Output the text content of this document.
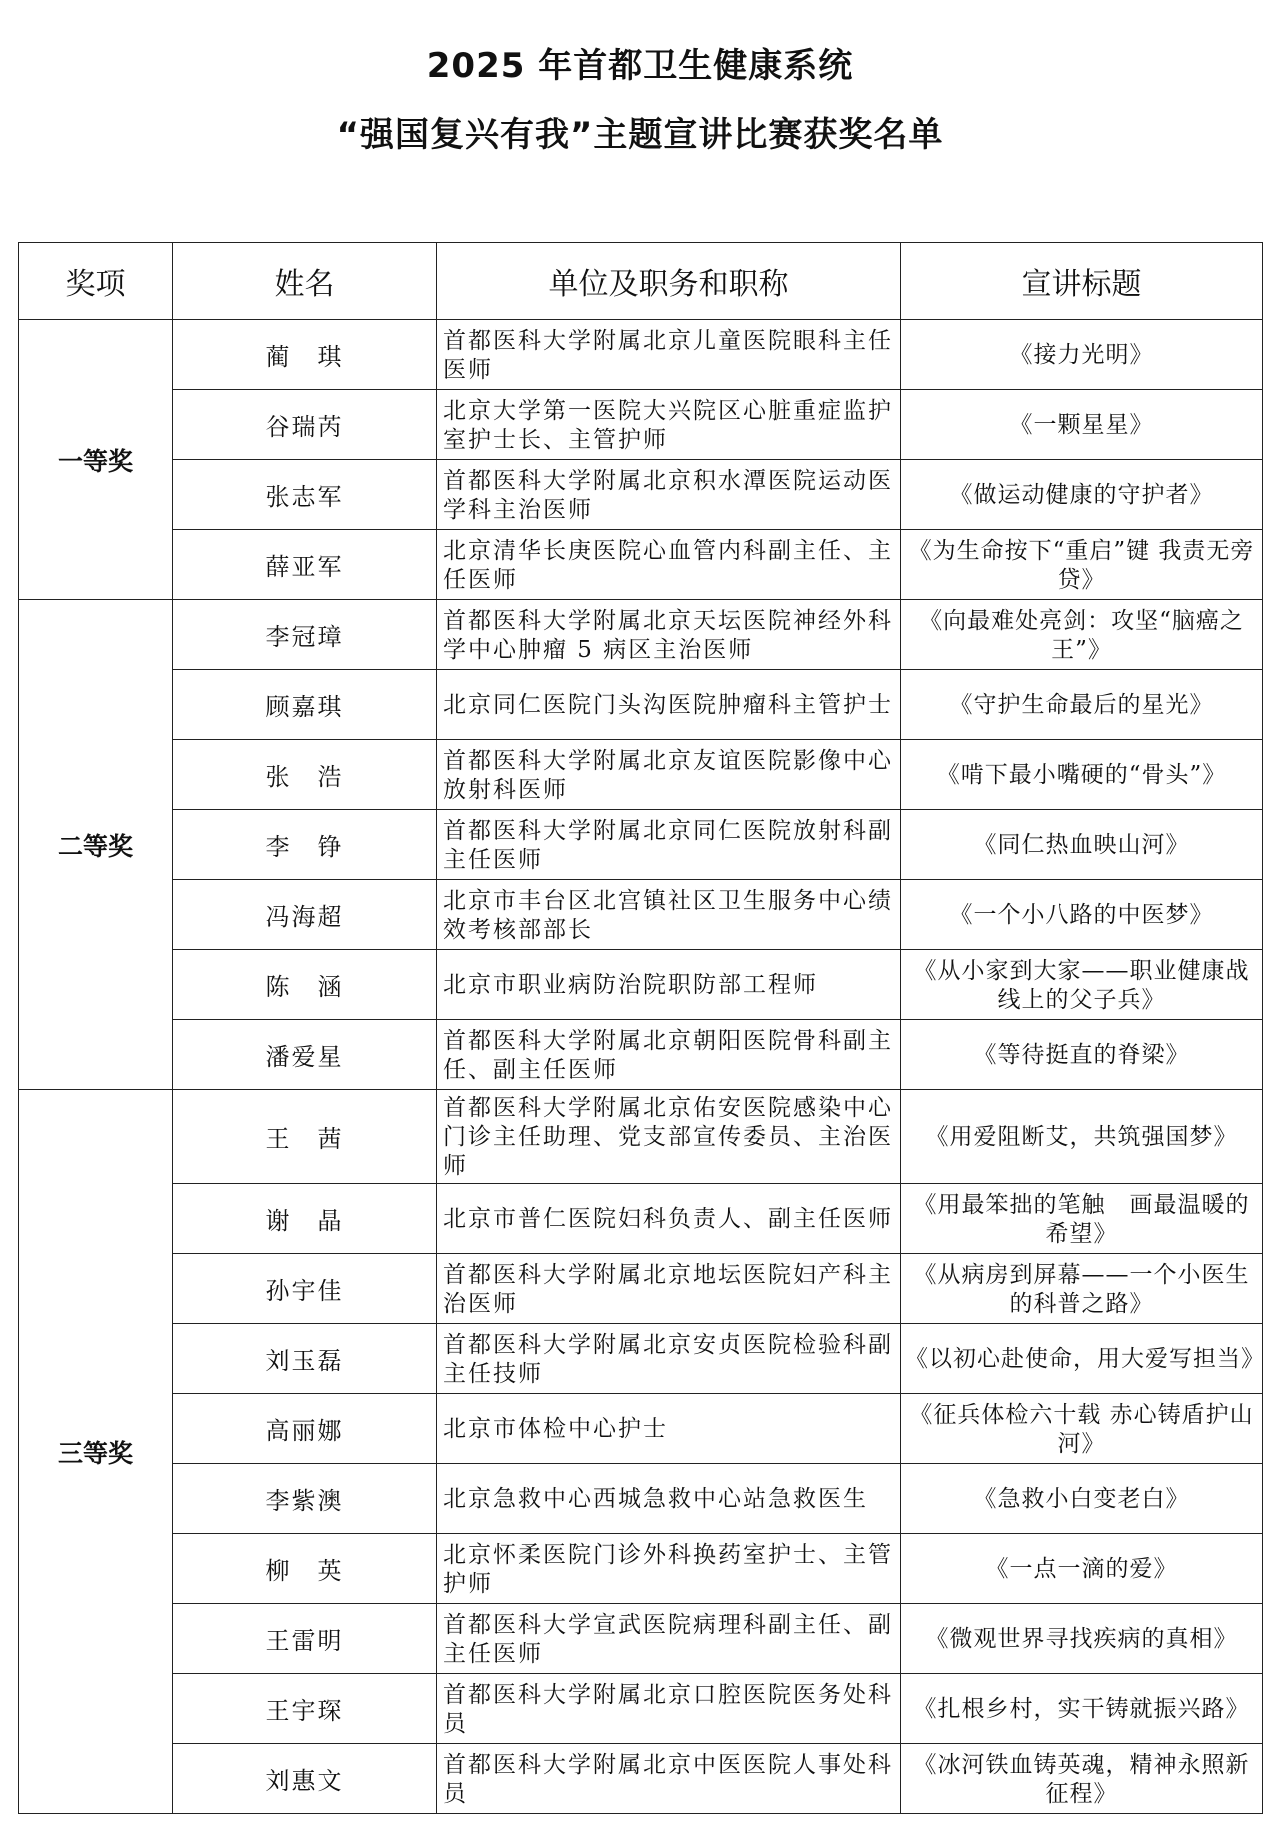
2025 年首都卫生健康系统
“强国复兴有我”主题宣讲比赛获奖名单
奖项	姓名	单位及职务和职称	宣讲标题
一等奖	蔺　琪	首都医科大学附属北京儿童医院眼科主任医师	《接力光明》
	谷瑞芮	北京大学第一医院大兴院区心脏重症监护室护士长、主管护师	《一颗星星》
	张志军	首都医科大学附属北京积水潭医院运动医学科主治医师	《做运动健康的守护者》
	薛亚军	北京清华长庚医院心血管内科副主任、主任医师	《为生命按下“重启”键 我责无旁贷》
二等奖	李冠璋	首都医科大学附属北京天坛医院神经外科学中心肿瘤 5 病区主治医师	《向最难处亮剑：攻坚“脑癌之王”》
	顾嘉琪	北京同仁医院门头沟医院肿瘤科主管护士	《守护生命最后的星光》
	张　浩	首都医科大学附属北京友谊医院影像中心放射科医师	《啃下最小嘴硬的“骨头”》
	李　铮	首都医科大学附属北京同仁医院放射科副主任医师	《同仁热血映山河》
	冯海超	北京市丰台区北宫镇社区卫生服务中心绩效考核部部长	《一个小八路的中医梦》
	陈　涵	北京市职业病防治院职防部工程师	《从小家到大家——职业健康战线上的父子兵》
	潘爱星	首都医科大学附属北京朝阳医院骨科副主任、副主任医师	《等待挺直的脊梁》
三等奖	王　茜	首都医科大学附属北京佑安医院感染中心门诊主任助理、党支部宣传委员、主治医师	《用爱阻断艾，共筑强国梦》
	谢　晶	北京市普仁医院妇科负责人、副主任医师	《用最笨拙的笔触　画最温暖的希望》
	孙宇佳	首都医科大学附属北京地坛医院妇产科主治医师	《从病房到屏幕——一个小医生的科普之路》
	刘玉磊	首都医科大学附属北京安贞医院检验科副主任技师	《以初心赴使命，用大爱写担当》
	高丽娜	北京市体检中心护士	《征兵体检六十载 赤心铸盾护山河》
	李紫澳	北京急救中心西城急救中心站急救医生	《急救小白变老白》
	柳　英	北京怀柔医院门诊外科换药室护士、主管护师	《一点一滴的爱》
	王雷明	首都医科大学宣武医院病理科副主任、副主任医师	《微观世界寻找疾病的真相》
	王宇琛	首都医科大学附属北京口腔医院医务处科员	《扎根乡村，实干铸就振兴路》
	刘惠文	首都医科大学附属北京中医医院人事处科员	《冰河铁血铸英魂，精神永照新征程》
